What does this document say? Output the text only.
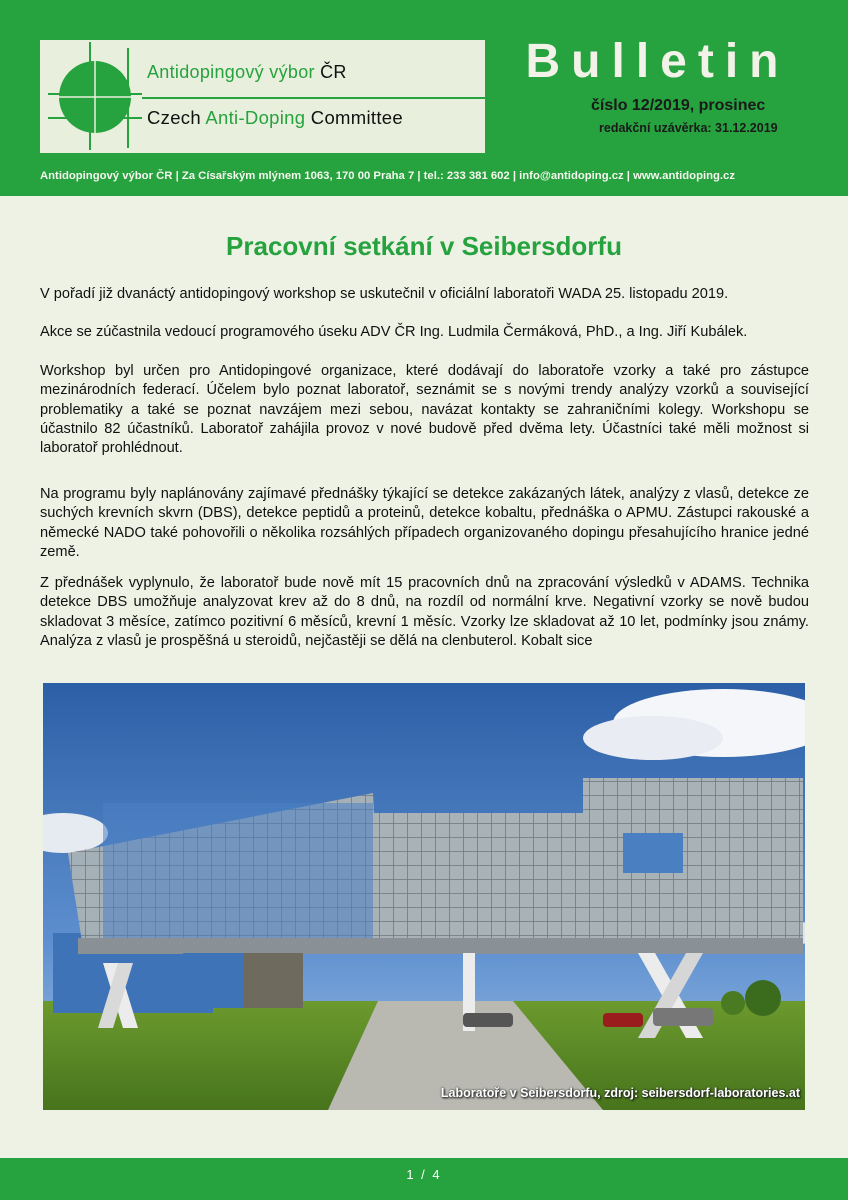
Antidopingový výbor ČR
Czech Anti-Doping Committee
Bulletin
číslo 12/2019, prosinec
redakční uzávěrka: 31.12.2019
Antidopingový výbor ČR | Za Císařským mlýnem 1063, 170 00 Praha 7 | tel.: 233 381 602 | info@antidoping.cz | www.antidoping.cz
Pracovní setkání v Seibersdorfu

V pořadí již dvanáctý antidopingový workshop se uskutečnil v oficiální laboratoři WADA 25. listopadu 2019.

Akce se zúčastnila vedoucí programového úseku ADV ČR Ing. Ludmila Čermáková, PhD., a Ing. Jiří Kubálek.

Workshop byl určen pro Antidopingové organizace, které dodávají do laboratoře vzorky a také pro zástupce mezinárodních federací. Účelem bylo poznat laboratoř, seznámit se s novými trendy analýzy vzorků a související problematiky a také se poznat navzájem mezi sebou, navázat kontakty se zahraničními kolegy. Workshopu se účastnilo 82 účastníků. Laboratoř zahájila provoz v nové budově před dvěma lety. Účastníci také měli možnost si laboratoř prohlédnout.

Na programu byly naplánovány zajímavé přednášky týkající se detekce zakázaných látek, analýzy z vlasů, detekce ze suchých krevních skvrn (DBS), detekce peptidů a proteinů, detekce kobaltu, přednáška o APMU. Zástupci rakouské a německé NADO také pohovořili o několika rozsáhlých případech organizovaného dopingu přesahujícího hranice jedné země.

Z přednášek vyplynulo, že laboratoř bude nově mít 15 pracovních dnů na zpracování výsledků v ADAMS. Technika detekce DBS umožňuje analyzovat krev až do 8 dnů, na rozdíl od normální krve. Negativní vzorky se nově budou skladovat 3 měsíce, zatímco pozitivní 6 měsíců, krevní 1 měsíc. Vzorky lze skladovat až 10 let, podmínky jsou známy. Analýza z vlasů je prospěšná u steroidů, nejčastěji se dělá na clenbuterol. Kobalt sice

Laboratoře v Seibersdorfu, zdroj: seibersdorf-laboratories.at
1 / 4
